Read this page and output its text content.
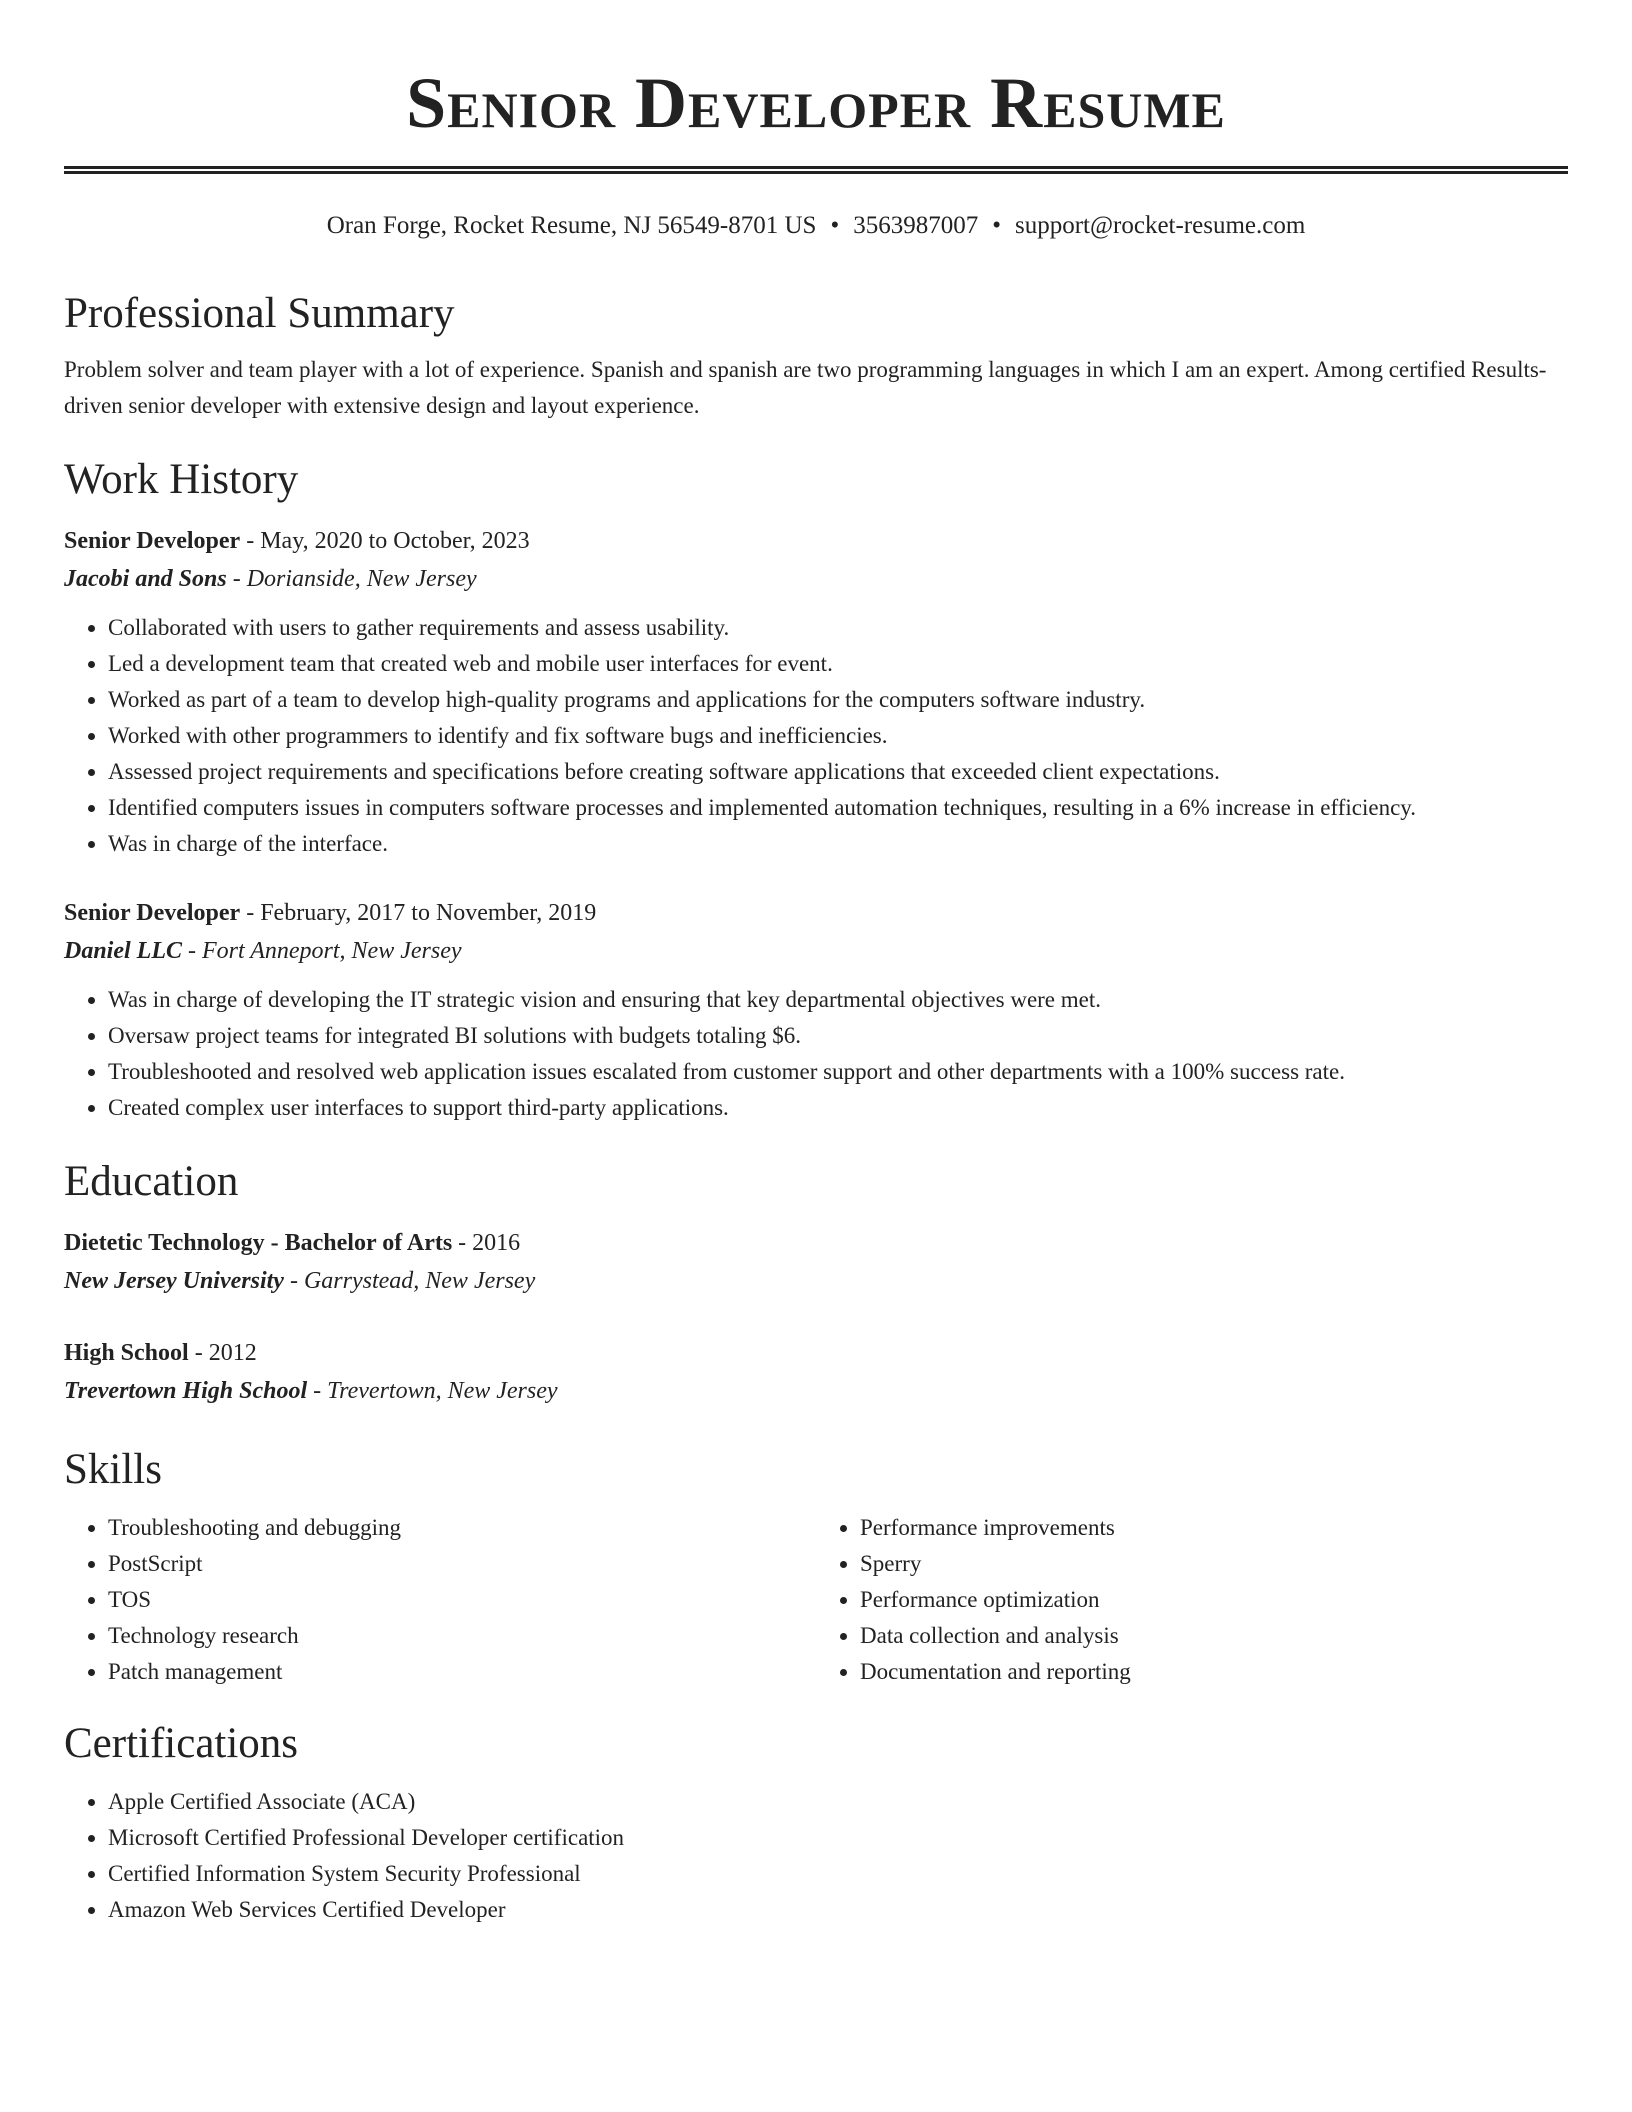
Senior Developer Resume
Oran Forge, Rocket Resume, NJ 56549-8701 US • 3563987007 • support@rocket-resume.com
Professional Summary

Problem solver and team player with a lot of experience. Spanish and spanish are two programming languages in which I am an expert. Among certified Results-driven senior developer with extensive design and layout experience.

Work History
Senior Developer - May, 2020 to October, 2023
Jacobi and Sons - Dorianside, New Jersey
• Collaborated with users to gather requirements and assess usability.
• Led a development team that created web and mobile user interfaces for event.
• Worked as part of a team to develop high-quality programs and applications for the computers software industry.
• Worked with other programmers to identify and fix software bugs and inefficiencies.
• Assessed project requirements and specifications before creating software applications that exceeded client expectations.
• Identified computers issues in computers software processes and implemented automation techniques, resulting in a 6% increase in efficiency.
• Was in charge of the interface.
Senior Developer - February, 2017 to November, 2019
Daniel LLC - Fort Anneport, New Jersey
• Was in charge of developing the IT strategic vision and ensuring that key departmental objectives were met.
• Oversaw project teams for integrated BI solutions with budgets totaling $6.
• Troubleshooted and resolved web application issues escalated from customer support and other departments with a 100% success rate.
• Created complex user interfaces to support third-party applications.
Education
Dietetic Technology - Bachelor of Arts - 2016
New Jersey University - Garrystead, New Jersey
High School - 2012
Trevertown High School - Trevertown, New Jersey
Skills
• Troubleshooting and debugging
• PostScript
• TOS
• Technology research
• Patch management
• Performance improvements
• Sperry
• Performance optimization
• Data collection and analysis
• Documentation and reporting
Certifications
• Apple Certified Associate (ACA)
• Microsoft Certified Professional Developer certification
• Certified Information System Security Professional
• Amazon Web Services Certified Developer
